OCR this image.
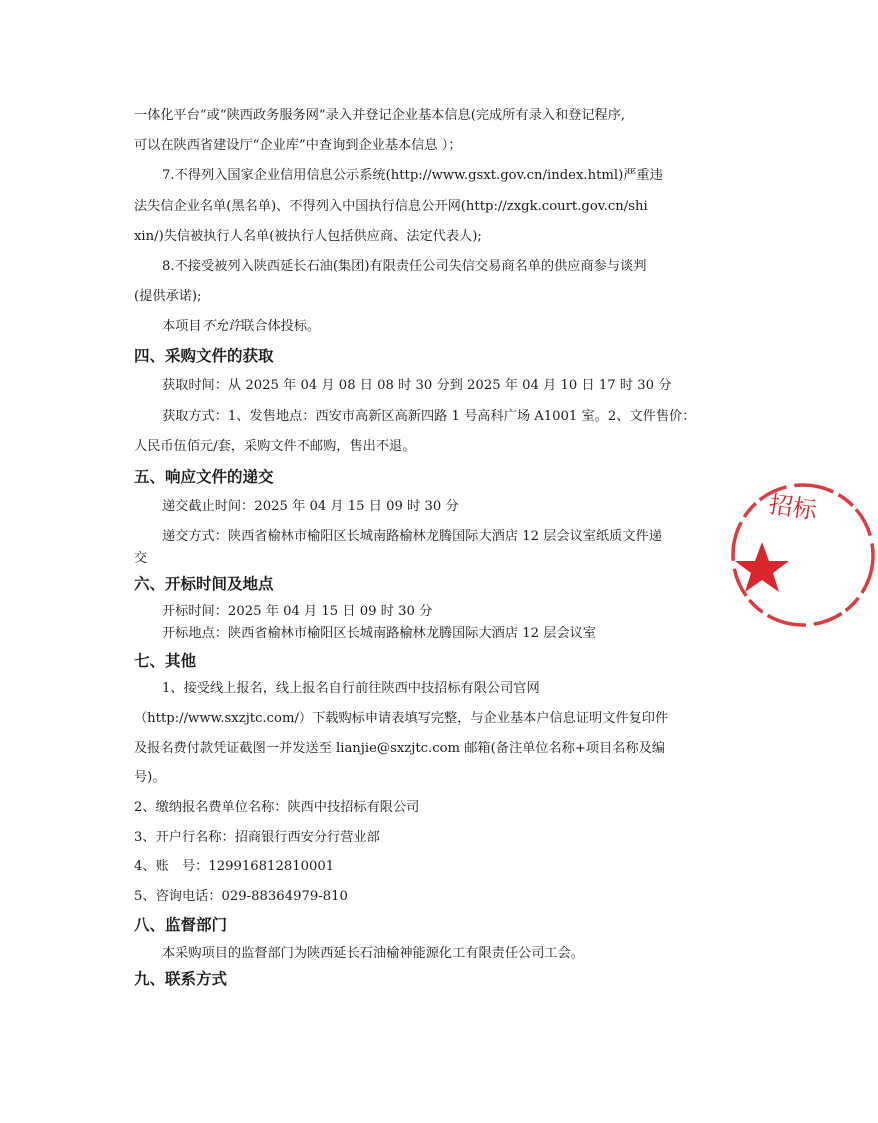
一体化平台”或“陕西政务服务网”录入并登记企业基本信息(完成所有录入和登记程序,
可以在陕西省建设厅“企业库”中查询到企业基本信息 ）；
7.不得列入国家企业信用信息公示系统(http://www.gsxt.gov.cn/index.html)严重违
法失信企业名单(黑名单)、不得列入中国执行信息公开网(http://zxgk.court.gov.cn/shi
xin/)失信被执行人名单(被执行人包括供应商、法定代表人);
8.不接受被列入陕西延长石油(集团)有限责任公司失信交易商名单的供应商参与谈判
(提供承诺);
本项目不允许联合体投标。
四、采购文件的获取
获取时间：从 2025 年 04 月 08 日 08 时 30 分到 2025 年 04 月 10 日 17 时 30 分
获取方式：1、发售地点：西安市高新区高新四路 1 号高科广场 A1001 室。2、文件售价：
人民币伍佰元/套，采购文件不邮购，售出不退。
五、响应文件的递交
递交截止时间：2025 年 04 月 15 日 09 时 30 分
递交方式：陕西省榆林市榆阳区长城南路榆林龙腾国际大酒店 12 层会议室纸质文件递
交
六、开标时间及地点
开标时间：2025 年 04 月 15 日 09 时 30 分
开标地点：陕西省榆林市榆阳区长城南路榆林龙腾国际大酒店 12 层会议室
七、其他
1、接受线上报名，线上报名自行前往陕西中技招标有限公司官网
（http://www.sxzjtc.com/）下载购标申请表填写完整，与企业基本户信息证明文件复印件
及报名费付款凭证截图一并发送至 lianjie@sxzjtc.com 邮箱(备注单位名称+项目名称及编
号)。
2、缴纳报名费单位名称：陕西中技招标有限公司
3、开户行名称：招商银行西安分行营业部
4、账　号：129916812810001
5、咨询电话：029-88364979-810
八、监督部门
本采购项目的监督部门为陕西延长石油榆神能源化工有限责任公司工会。
九、联系方式
招标
